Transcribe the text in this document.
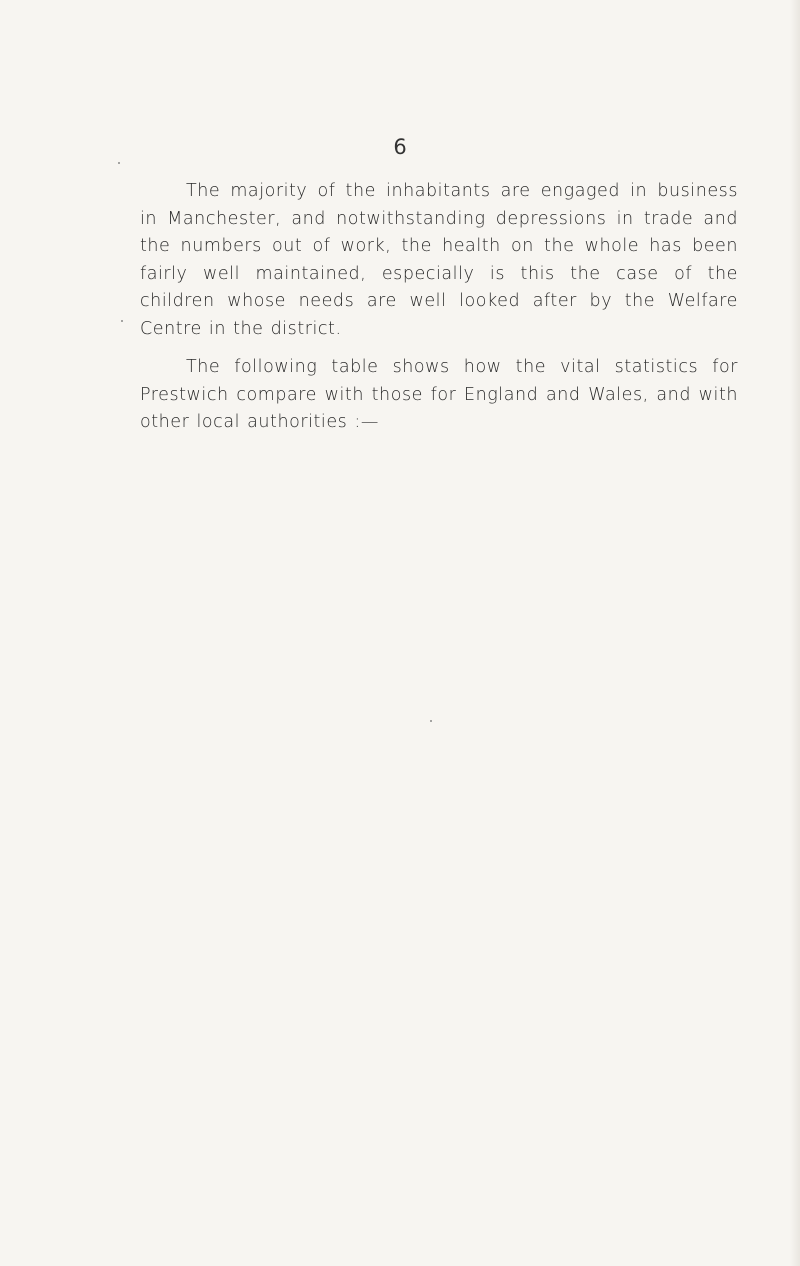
6

The majority of the inhabitants are engaged in business in Manchester, and notwithstanding depressions in trade and the numbers out of work, the health on the whole has been fairly well maintained, especially is this the case of the children whose needs are well looked after by the Welfare Centre in the district.

The following table shows how the vital statistics for Prestwich compare with those for England and Wales, and with other local authorities :—
